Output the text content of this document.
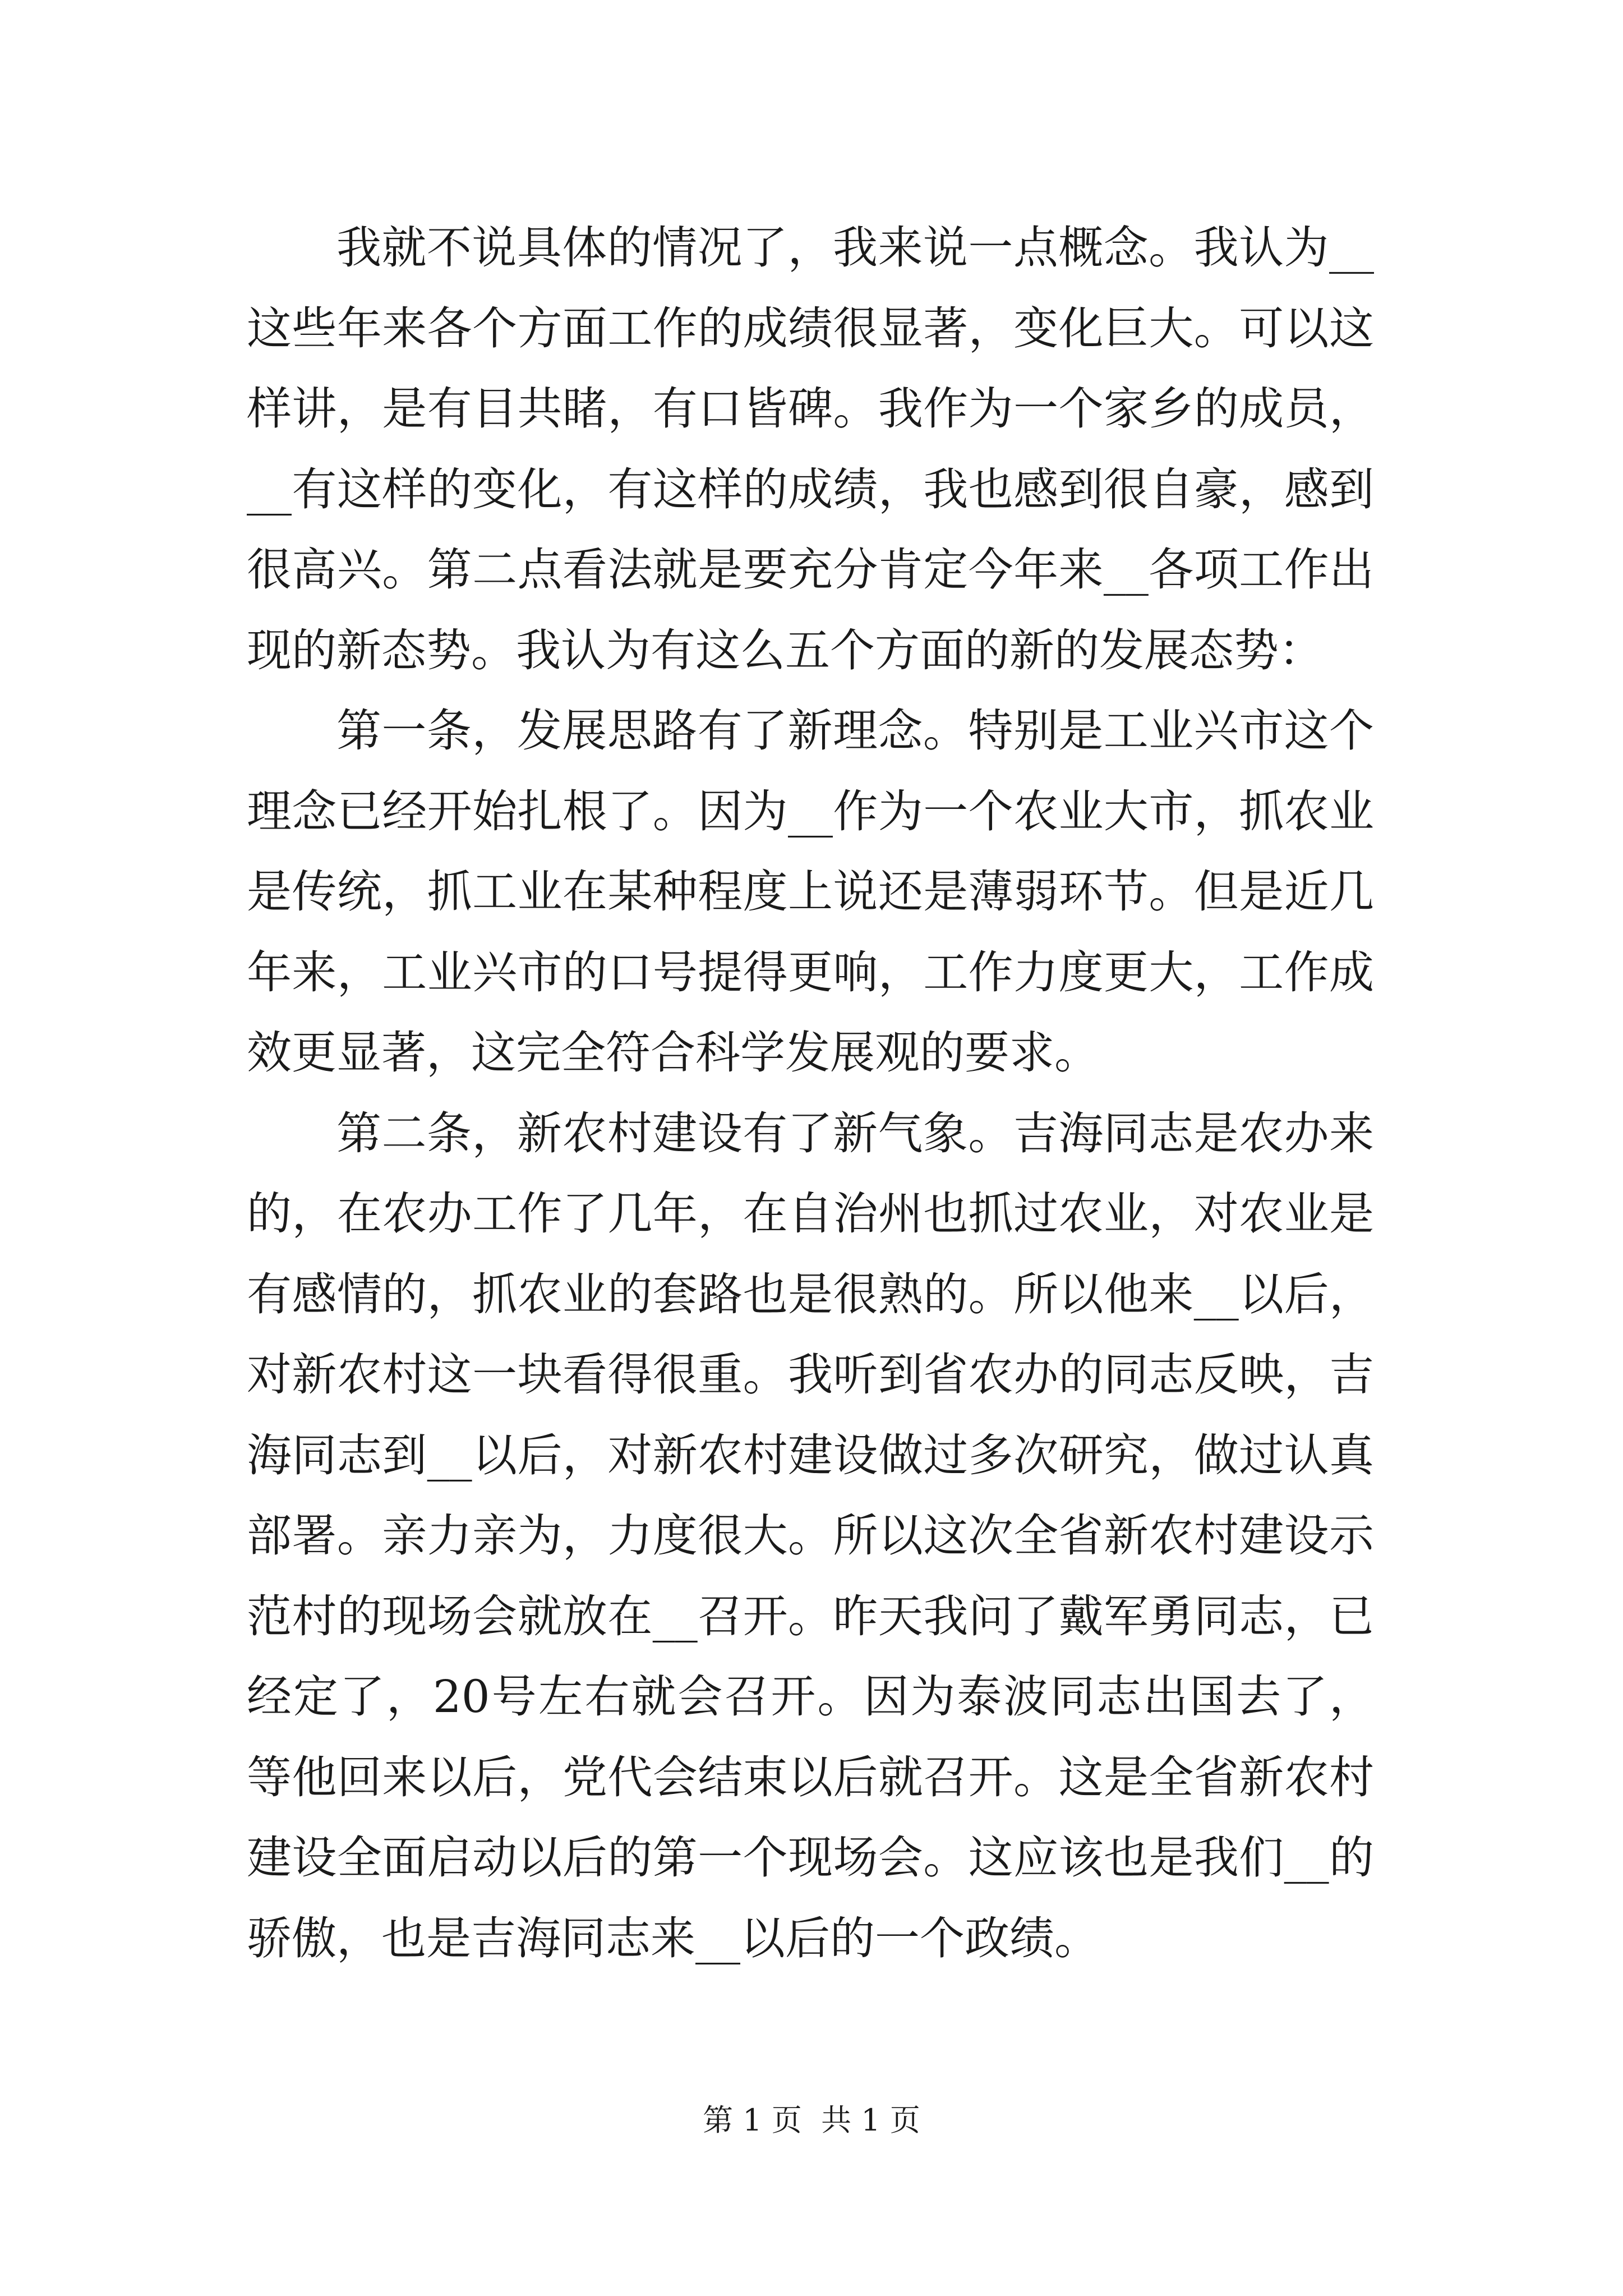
我就不说具体的情况了，我来说一点概念。我认为__这些年来各个方面工作的成绩很显著，变化巨大。可以这样讲，是有目共睹，有口皆碑。我作为一个家乡的成员，__有这样的变化，有这样的成绩，我也感到很自豪，感到很高兴。第二点看法就是要充分肯定今年来__各项工作出现的新态势。我认为有这么五个方面的新的发展态势：

第一条，发展思路有了新理念。特别是工业兴市这个理念已经开始扎根了。因为__作为一个农业大市，抓农业是传统，抓工业在某种程度上说还是薄弱环节。但是近几年来，工业兴市的口号提得更响，工作力度更大，工作成效更显著，这完全符合科学发展观的要求。

第二条，新农村建设有了新气象。吉海同志是农办来的，在农办工作了几年，在自治州也抓过农业，对农业是有感情的，抓农业的套路也是很熟的。所以他来__以后，对新农村这一块看得很重。我听到省农办的同志反映，吉海同志到__以后，对新农村建设做过多次研究，做过认真部署。亲力亲为，力度很大。所以这次全省新农村建设示范村的现场会就放在__召开。昨天我问了戴军勇同志，已经定了，20号左右就会召开。因为泰波同志出国去了，等他回来以后，党代会结束以后就召开。这是全省新农村建设全面启动以后的第一个现场会。这应该也是我们__的骄傲，也是吉海同志来__以后的一个政绩。

第 1 页  共 1 页
